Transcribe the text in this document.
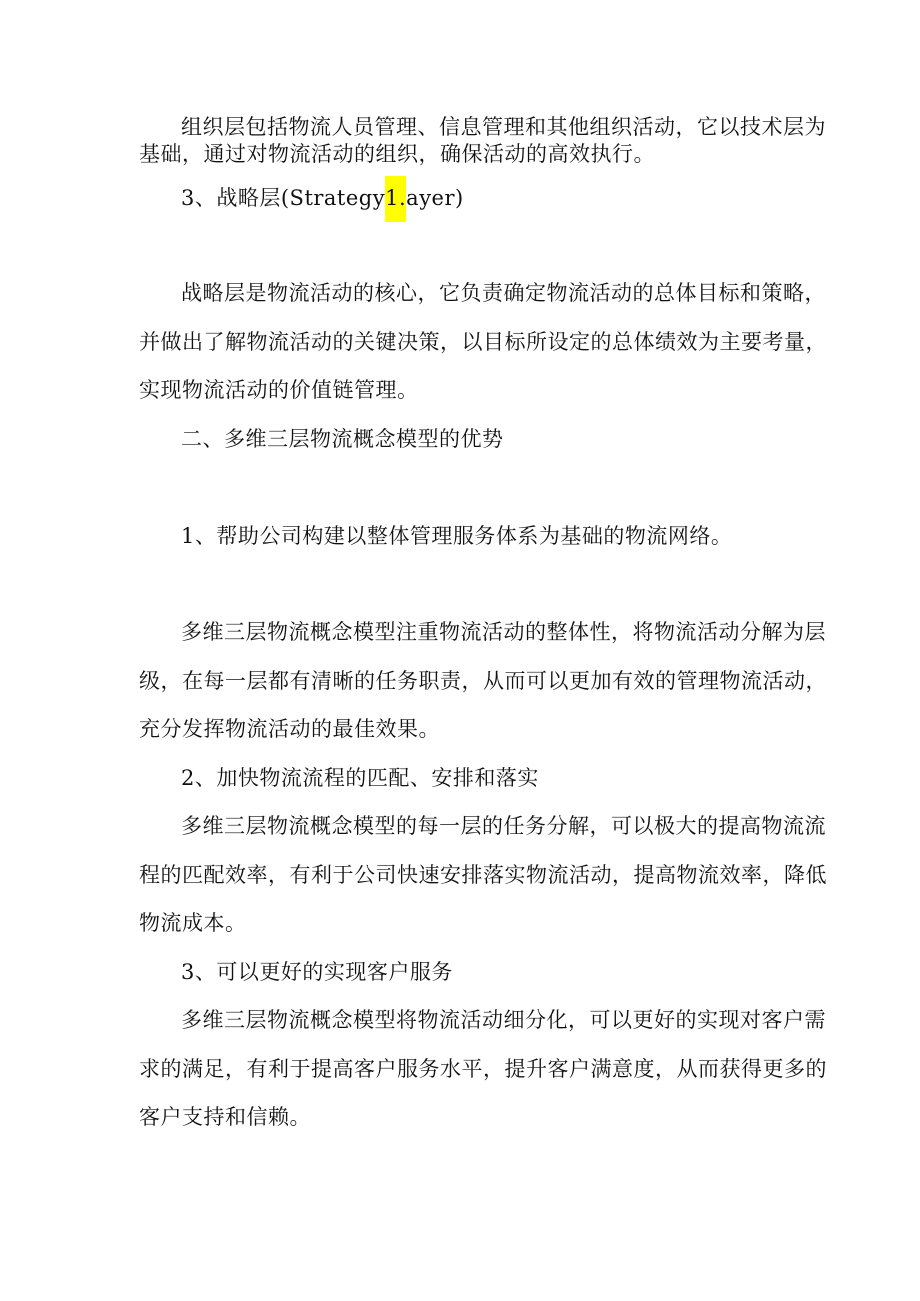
组织层包括物流人员管理、信息管理和其他组织活动，它以技术层为
基础，通过对物流活动的组织，确保活动的高效执行。
3、战略层(Strategy1.ayer)
战略层是物流活动的核心，它负责确定物流活动的总体目标和策略，
并做出了解物流活动的关键决策，以目标所设定的总体绩效为主要考量，
实现物流活动的价值链管理。
二、多维三层物流概念模型的优势
1、帮助公司构建以整体管理服务体系为基础的物流网络。
多维三层物流概念模型注重物流活动的整体性，将物流活动分解为层
级，在每一层都有清晰的任务职责，从而可以更加有效的管理物流活动，
充分发挥物流活动的最佳效果。
2、加快物流流程的匹配、安排和落实
多维三层物流概念模型的每一层的任务分解，可以极大的提高物流流
程的匹配效率，有利于公司快速安排落实物流活动，提高物流效率，降低
物流成本。
3、可以更好的实现客户服务
多维三层物流概念模型将物流活动细分化，可以更好的实现对客户需
求的满足，有利于提高客户服务水平，提升客户满意度，从而获得更多的
客户支持和信赖。
